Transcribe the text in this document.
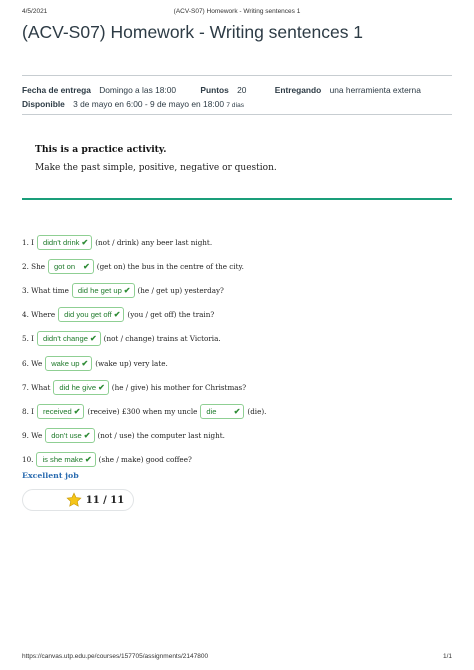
4/5/2021	(ACV-S07) Homework - Writing sentences 1
(ACV-S07) Homework - Writing sentences 1
Fecha de entrega Domingo a las 18:00	Puntos 20	Entregando una herramienta externa
Disponible 3 de mayo en 6:00 - 9 de mayo en 18:00 7 días
This is a practice activity.
Make the past simple, positive, negative or question.
1. I didn't drink ✔ (not / drink) any beer last night.
2. She got on ✔ (get on) the bus in the centre of the city.
3. What time did he get up ✔ (he / get up) yesterday?
4. Where did you get off ✔ (you / get off) the train?
5. I didn't change ✔ (not / change) trains at Victoria.
6. We wake up ✔ (wake up) very late.
7. What did he give ✔ (he / give) his mother for Christmas?
8. I received ✔ (receive) £300 when my uncle die ✔ (die).
9. We don't use ✔ (not / use) the computer last night.
10. is she make ✔ (she / make) good coffee?
Excellent job
11 / 11
https://canvas.utp.edu.pe/courses/157705/assignments/2147800	1/1
